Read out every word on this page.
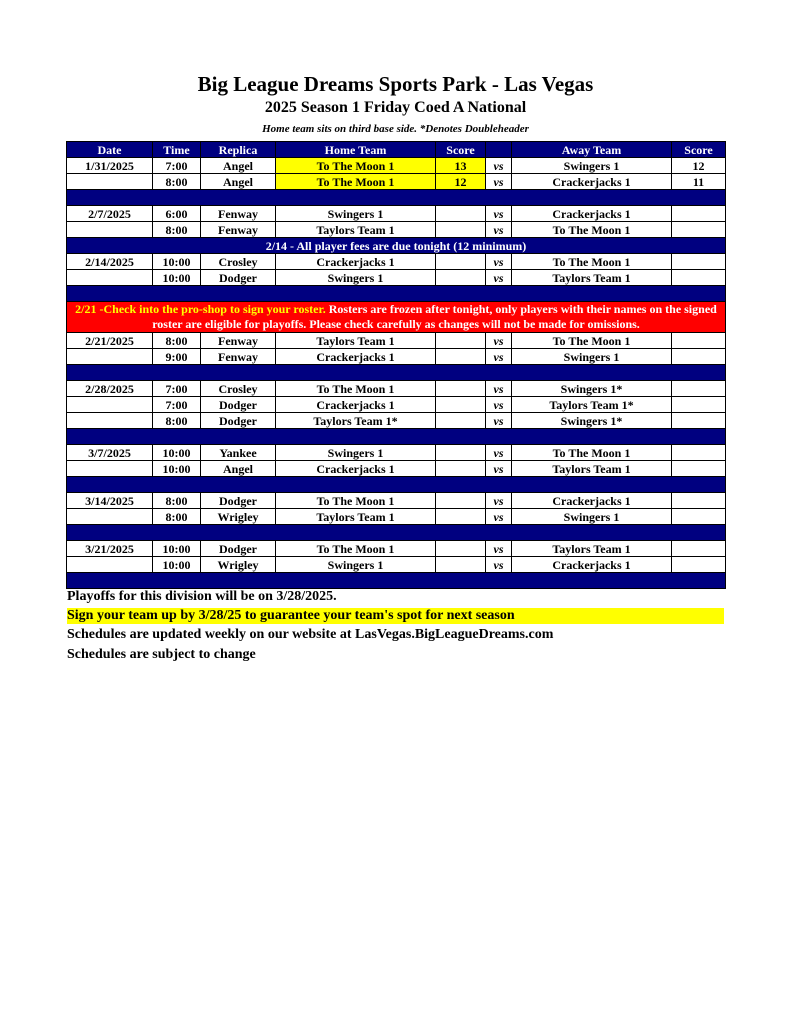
Big League Dreams Sports Park - Las Vegas
2025 Season 1 Friday Coed A National
Home team sits on third base side. *Denotes Doubleheader
Date	Time	Replica	Home Team	Score		Away Team	Score
1/31/2025	7:00	Angel	To The Moon 1	13	vs	Swingers 1	12
	8:00	Angel	To The Moon 1	12	vs	Crackerjacks 1	11

2/7/2025	6:00	Fenway	Swingers 1		vs	Crackerjacks 1	
	8:00	Fenway	Taylors Team 1		vs	To The Moon 1	
2/14 - All player fees are due tonight (12 minimum)							
2/14/2025	10:00	Crosley	Crackerjacks 1		vs	To The Moon 1	
	10:00	Dodger	Swingers 1		vs	Taylors Team 1	

2/21 -Check into the pro-shop to sign your roster. Rosters are frozen after tonight, only players with their names on the signed roster are eligible for playoffs. Please check carefully as changes will not be made for omissions.							
2/21/2025	8:00	Fenway	Taylors Team 1		vs	To The Moon 1	
	9:00	Fenway	Crackerjacks 1		vs	Swingers 1	

2/28/2025	7:00	Crosley	To The Moon 1		vs	Swingers 1*	
	7:00	Dodger	Crackerjacks 1		vs	Taylors Team 1*	
	8:00	Dodger	Taylors Team 1*		vs	Swingers 1*	

3/7/2025	10:00	Yankee	Swingers 1		vs	To The Moon 1	
	10:00	Angel	Crackerjacks 1		vs	Taylors Team 1	

3/14/2025	8:00	Dodger	To The Moon 1		vs	Crackerjacks 1	
	8:00	Wrigley	Taylors Team 1		vs	Swingers 1	

3/21/2025	10:00	Dodger	To The Moon 1		vs	Taylors Team 1	
	10:00	Wrigley	Swingers 1		vs	Crackerjacks 1	

Playoffs for this division will be on 3/28/2025.
Sign your team up by 3/28/25 to guarantee your team's spot for next season
Schedules are updated weekly on our website at LasVegas.BigLeagueDreams.com
Schedules are subject to change
